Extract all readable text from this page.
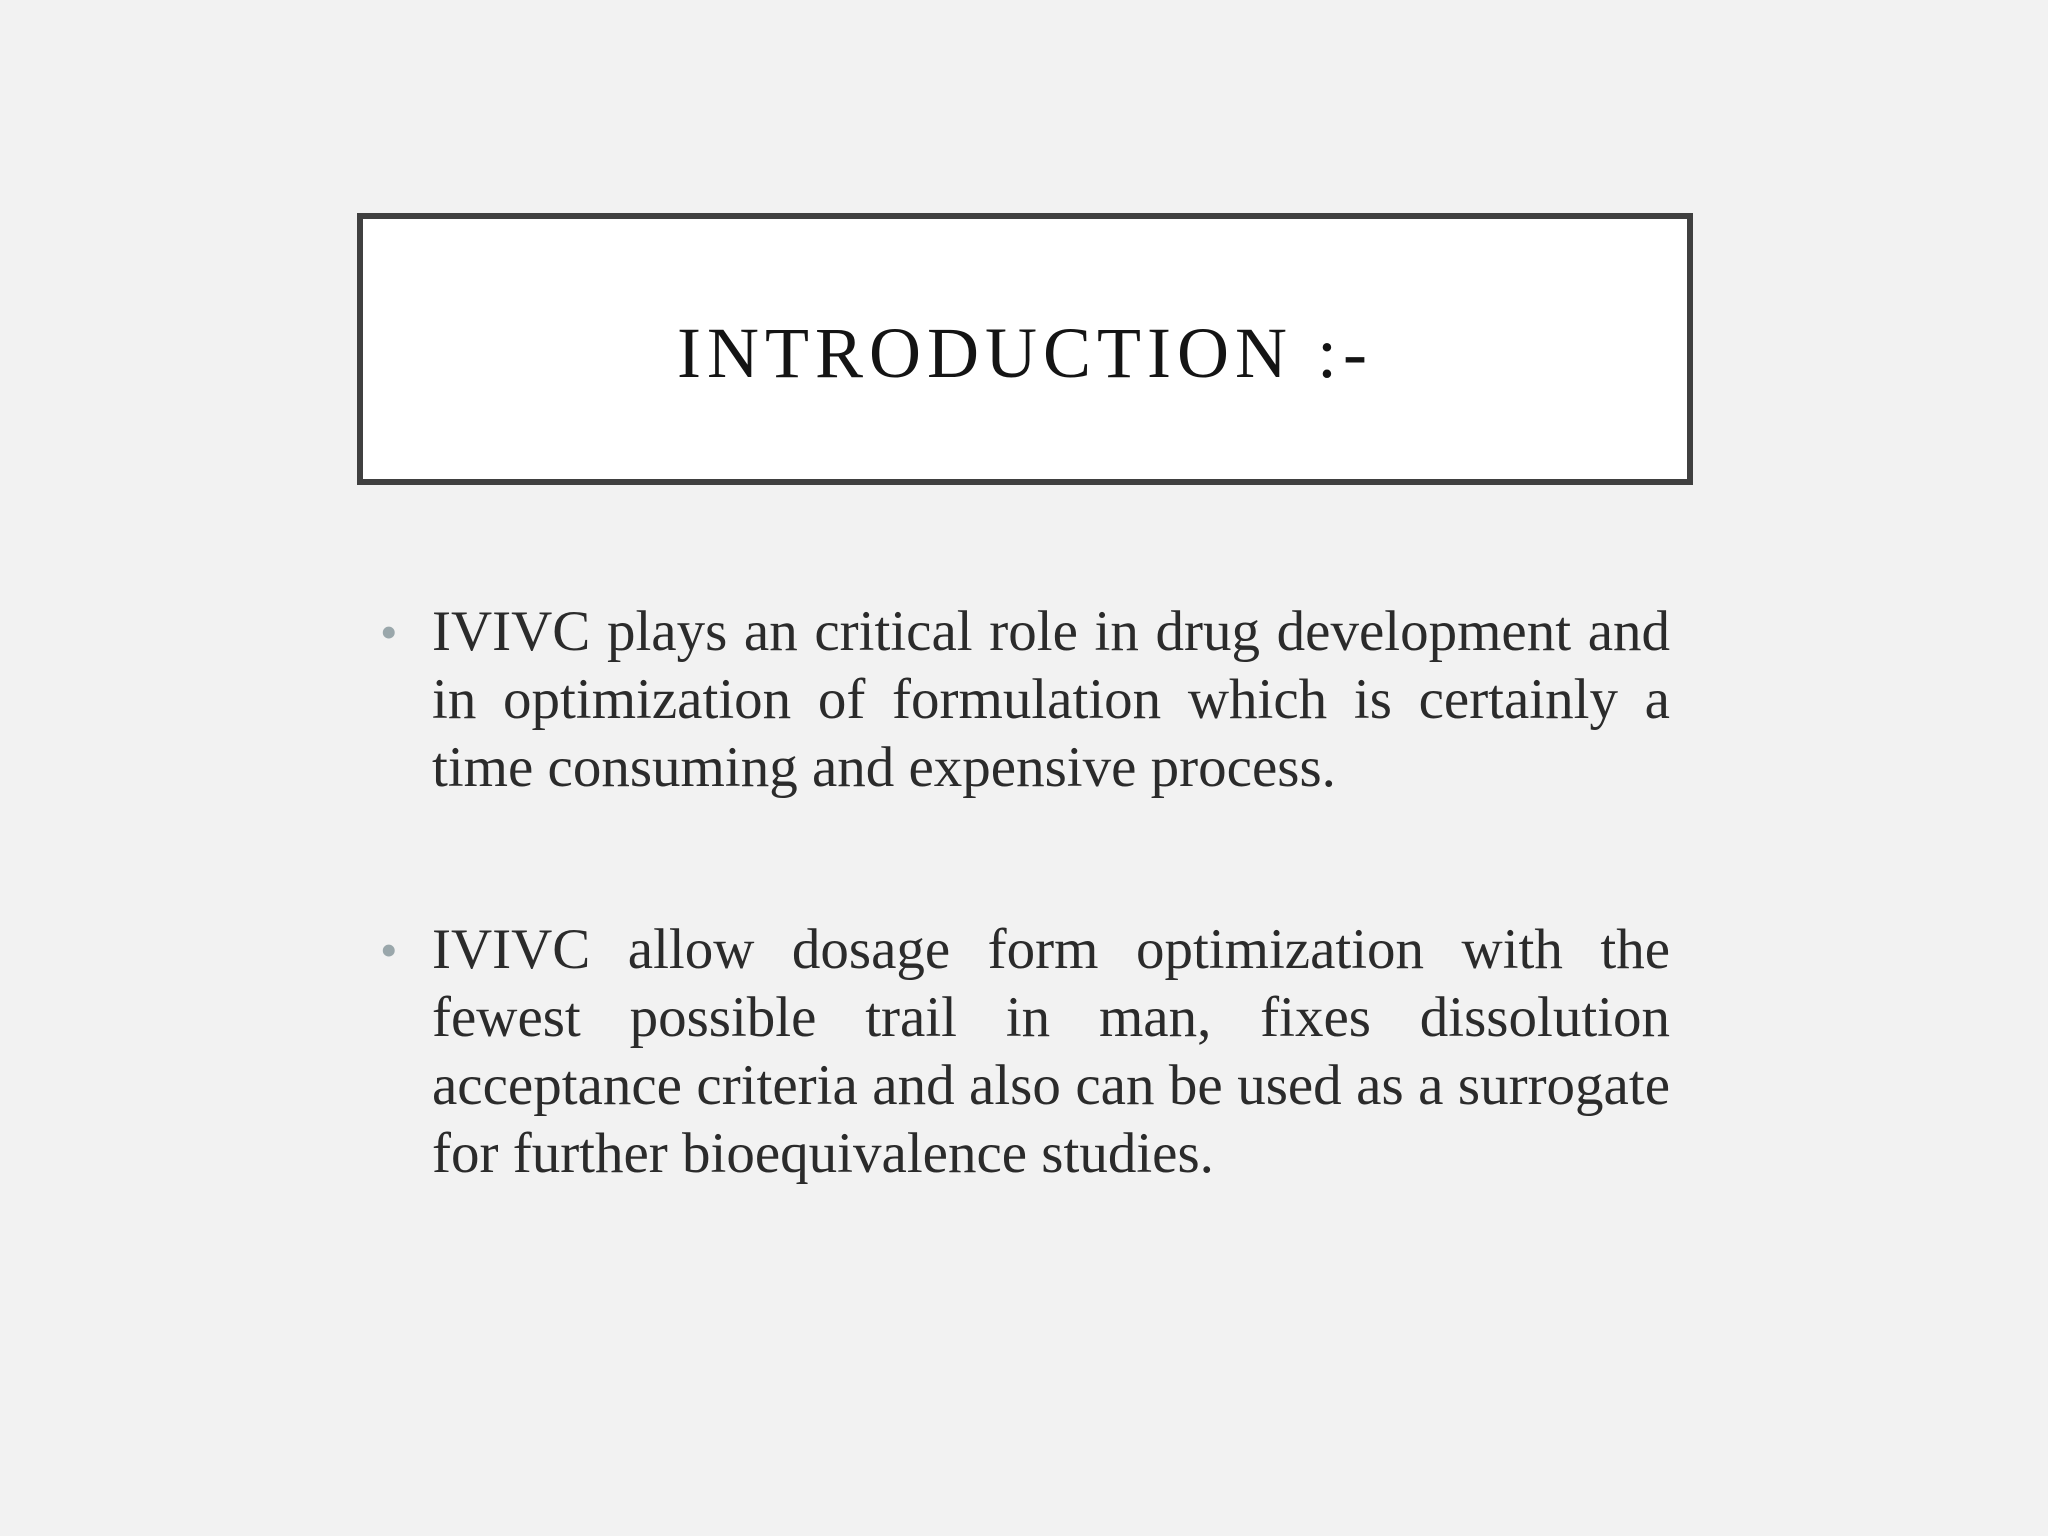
INTRODUCTION :-
• IVIVC plays an critical role in drug development and in optimization of formulation which is certainly a time consuming and expensive process.
• IVIVC allow dosage form optimization with the fewest possible trail in man, fixes dissolution acceptance criteria and also can be used as a surrogate for further bioequivalence studies.
